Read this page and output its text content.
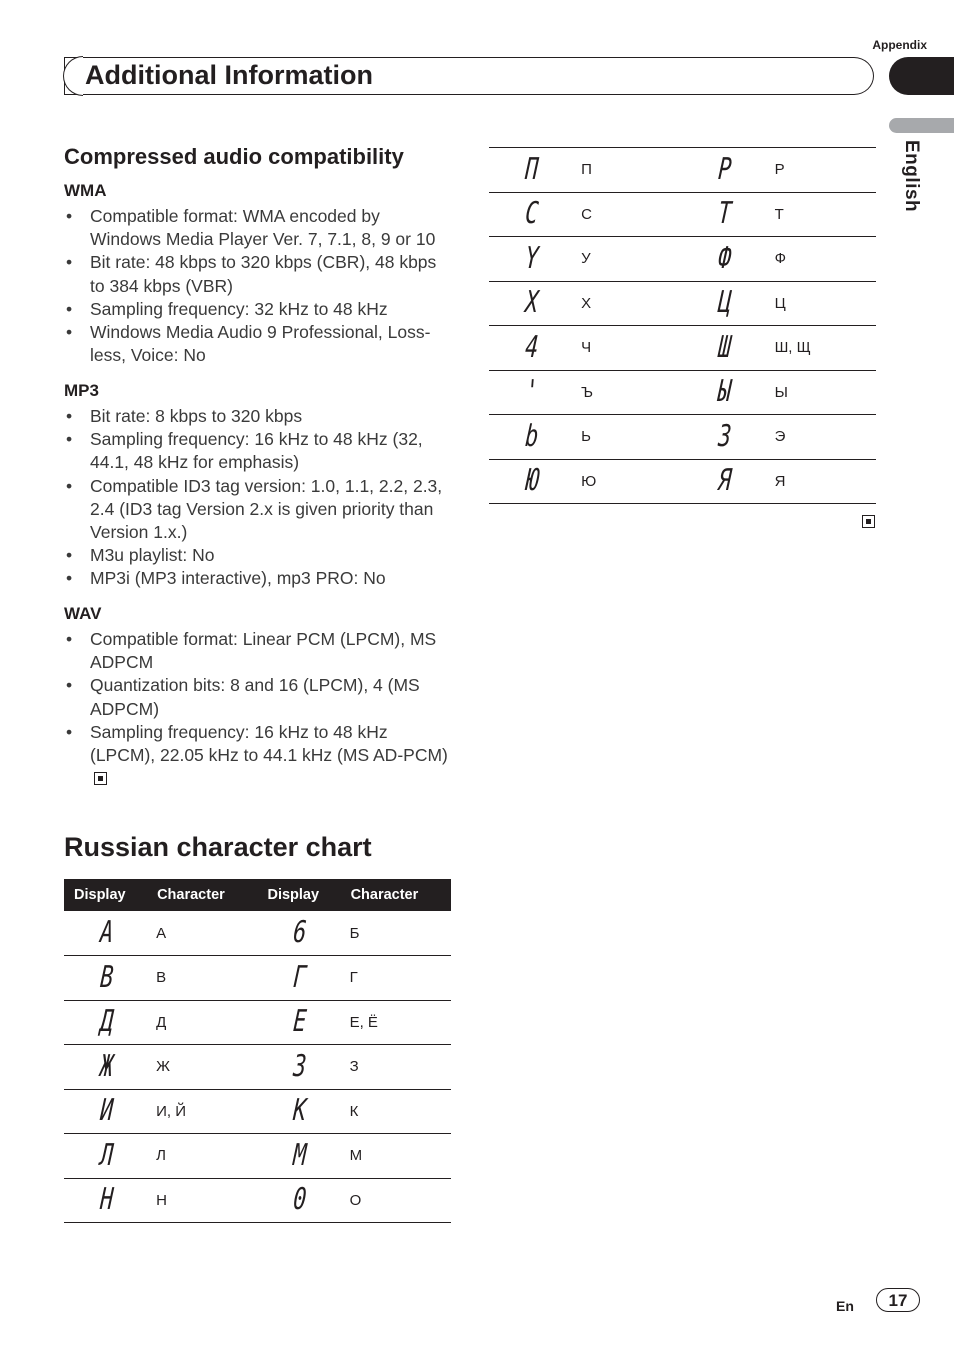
Appendix
Additional Information
English
Compressed audio compatibility
WMA
• Compatible format: WMA encoded by Windows Media Player Ver. 7, 7.1, 8, 9 or 10
• Bit rate: 48 kbps to 320 kbps (CBR), 48 kbps to 384 kbps (VBR)
• Sampling frequency: 32 kHz to 48 kHz
• Windows Media Audio 9 Professional, Loss-less, Voice: No
MP3
• Bit rate: 8 kbps to 320 kbps
• Sampling frequency: 16 kHz to 48 kHz (32, 44.1, 48 kHz for emphasis)
• Compatible ID3 tag version: 1.0, 1.1, 2.2, 2.3, 2.4 (ID3 tag Version 2.x is given priority than Version 1.x.)
• M3u playlist: No
• MP3i (MP3 interactive), mp3 PRO: No
WAV
• Compatible format: Linear PCM (LPCM), MS ADPCM
• Quantization bits: 8 and 16 (LPCM), 4 (MS ADPCM)
• Sampling frequency: 16 kHz to 48 kHz (LPCM), 22.05 kHz to 44.1 kHz (MS AD-PCM)
Russian character chart
Display	Character	Display	Character
A	А	6	Б
B	В	Г	Г
Д	Д	E	Е, Ё
Ж	Ж	3	З
И	И, Й	K	К
Л	Л	M	М
H	Н	0	О
П	П	P	Р
C	С	T	Т
Y	У	Ф	Ф
X	Х	Ц	Ц
4	Ч	Ш	Ш, Щ
'	Ъ	Ы	Ы
b	Ь	3	Э
Ю	Ю	Я	Я
En	17
